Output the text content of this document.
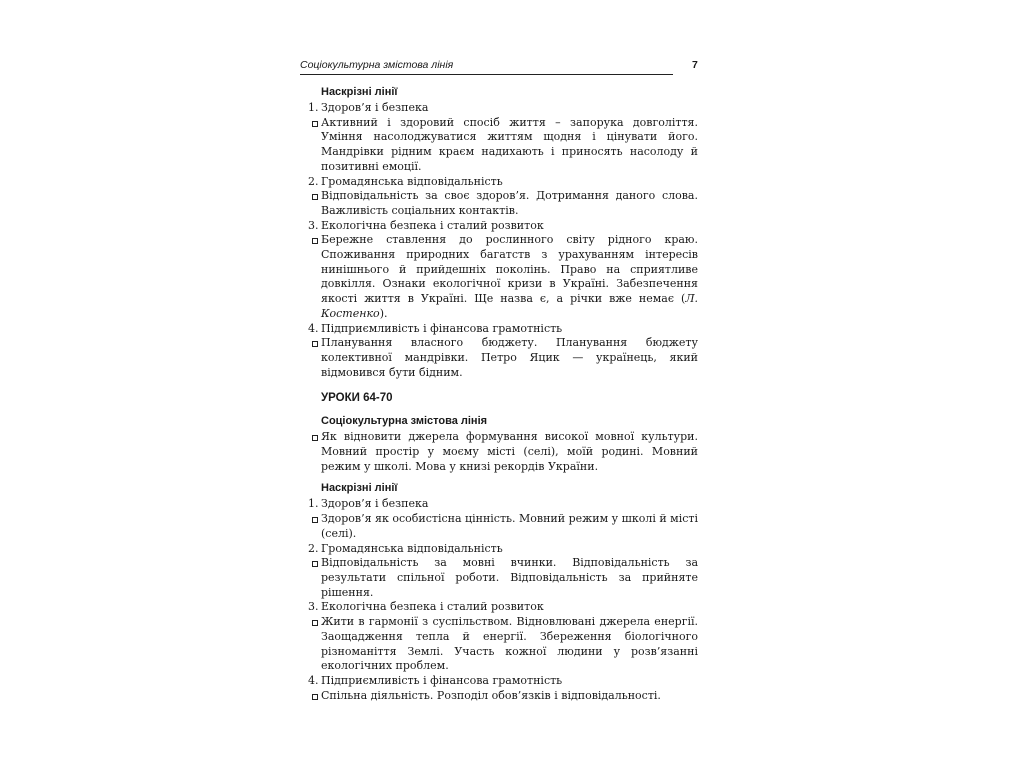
Соціокультурна змістова лінія	7
Наскрізні лінії
1. Здоров’я і безпека
Активний і здоровий спосіб життя – запорука довголіття. Уміння насолоджуватися життям щодня і цінувати його. Мандрівки рідним краєм надихають і приносять насолоду й позитивні емоції.
2. Громадянська відповідальність
Відповідальність за своє здоров’я. Дотримання даного слова. Важливість соціальних контактів.
3. Екологічна безпека і сталий розвиток
Бережне ставлення до рослинного світу рідного краю. Споживання природних багатств з урахуванням інтересів нинішнього й прийдешніх поколінь. Право на сприятливе довкілля. Ознаки екологічної кризи в Україні. Забезпечення якості життя в Україні. Ще назва є, а річки вже немає (Л. Костенко).
4. Підприємливість і фінансова грамотність
Планування власного бюджету. Планування бюджету колективної мандрівки. Петро Яцик — українець, який відмовився бути бідним.
УРОКИ 64-70
Соціокультурна змістова лінія
Як відновити джерела формування високої мовної культури. Мовний простір у моєму місті (селі), моїй родині. Мовний режим у школі. Мова у книзі рекордів України.
Наскрізні лінії
1. Здоров’я і безпека
Здоров’я як особистісна цінність. Мовний режим у школі й місті (селі).
2. Громадянська відповідальність
Відповідальність за мовні вчинки. Відповідальність за результати спільної роботи. Відповідальність за прийняте рішення.
3. Екологічна безпека і сталий розвиток
Жити в гармонії з суспільством. Відновлювані джерела енергії. Заощадження тепла й енергії. Збереження біологічного різноманіття Землі. Участь кожної людини у розв’язанні екологічних проблем.
4. Підприємливість і фінансова грамотність
Спільна діяльність. Розподіл обов’язків і відповідальності.
